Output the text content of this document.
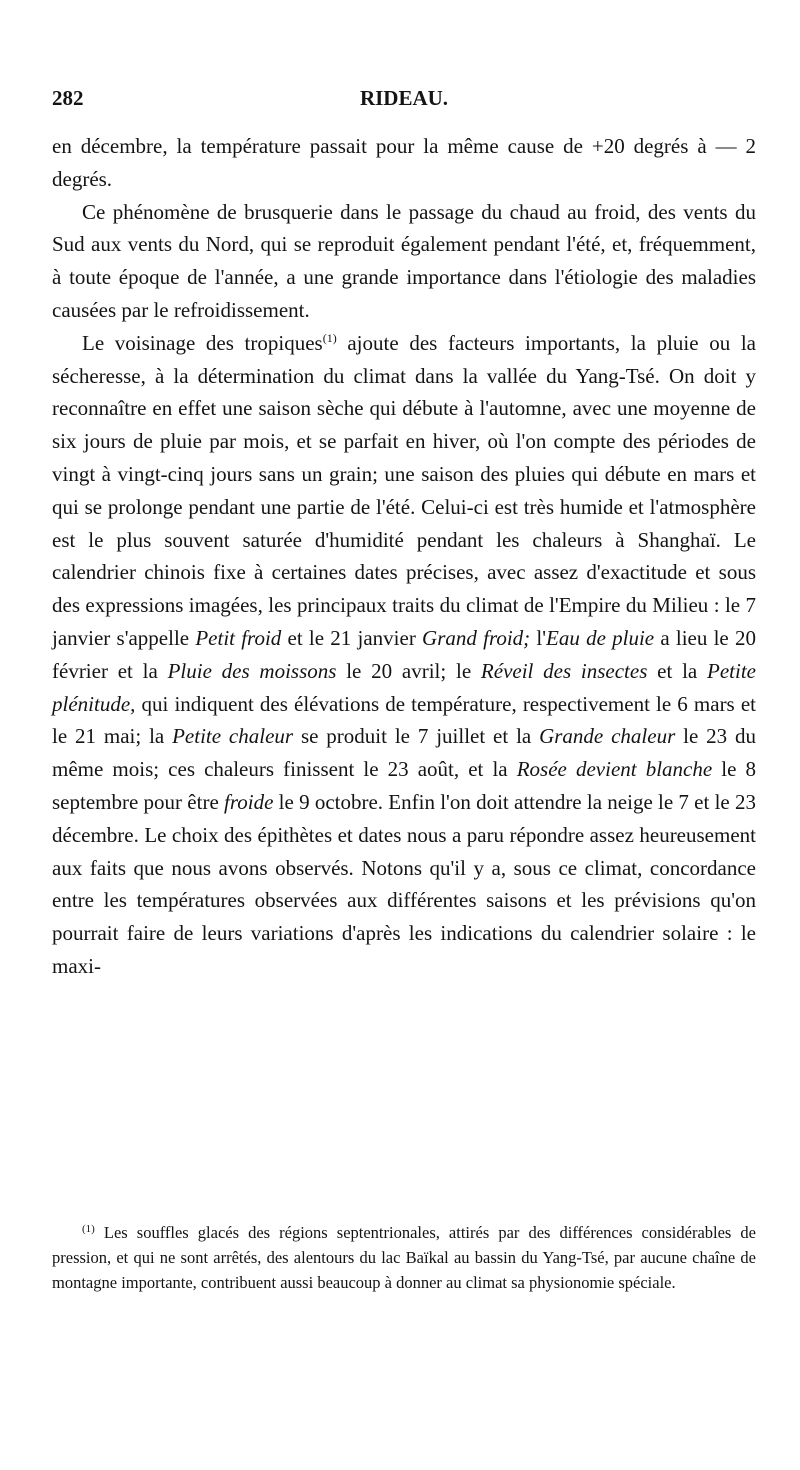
RIDEAU.
282

en décembre, la température passait pour la même cause de +20 degrés à — 2 degrés.

Ce phénomène de brusquerie dans le passage du chaud au froid, des vents du Sud aux vents du Nord, qui se reproduit également pendant l'été, et, fréquemment, à toute époque de l'année, a une grande importance dans l'étiologie des maladies causées par le refroidissement.

Le voisinage des tropiques$^{(1)}$ ajoute des facteurs importants, la pluie ou la sécheresse, à la détermination du climat dans la vallée du Yang-Tsé. On doit y reconnaître en effet une saison sèche qui débute à l'automne, avec une moyenne de six jours de pluie par mois, et se parfait en hiver, où l'on compte des périodes de vingt à vingt-cinq jours sans un grain; une saison des pluies qui débute en mars et qui se prolonge pendant une partie de l'été. Celui-ci est très humide et l'atmosphère est le plus souvent saturée d'humidité pendant les chaleurs à Shanghaï. Le calendrier chinois fixe à certaines dates précises, avec assez d'exactitude et sous des expressions imagées, les principaux traits du climat de l'Empire du Milieu : le 7 janvier s'appelle Petit froid et le 21 janvier Grand froid; l'Eau de pluie a lieu le 20 février et la Pluie des moissons le 20 avril; le Réveil des insectes et la Petite plénitude, qui indiquent des élévations de température, respectivement le 6 mars et le 21 mai; la Petite chaleur se produit le 7 juillet et la Grande chaleur le 23 du même mois; ces chaleurs finissent le 23 août, et la Rosée devient blanche le 8 septembre pour être froide le 9 octobre. Enfin l'on doit attendre la neige le 7 et le 23 décembre. Le choix des épithètes et dates nous a paru répondre assez heureusement aux faits que nous avons observés. Notons qu'il y a, sous ce climat, concordance entre les températures observées aux différentes saisons et les prévisions qu'on pourrait faire de leurs variations d'après les indications du calendrier solaire : le maxi-

$^{(1)}$ Les souffles glacés des régions septentrionales, attirés par des différences considérables de pression, et qui ne sont arrêtés, des alentours du lac Baïkal au bassin du Yang-Tsé, par aucune chaîne de montagne importante, contribuent aussi beaucoup à donner au climat sa physionomie spéciale.
